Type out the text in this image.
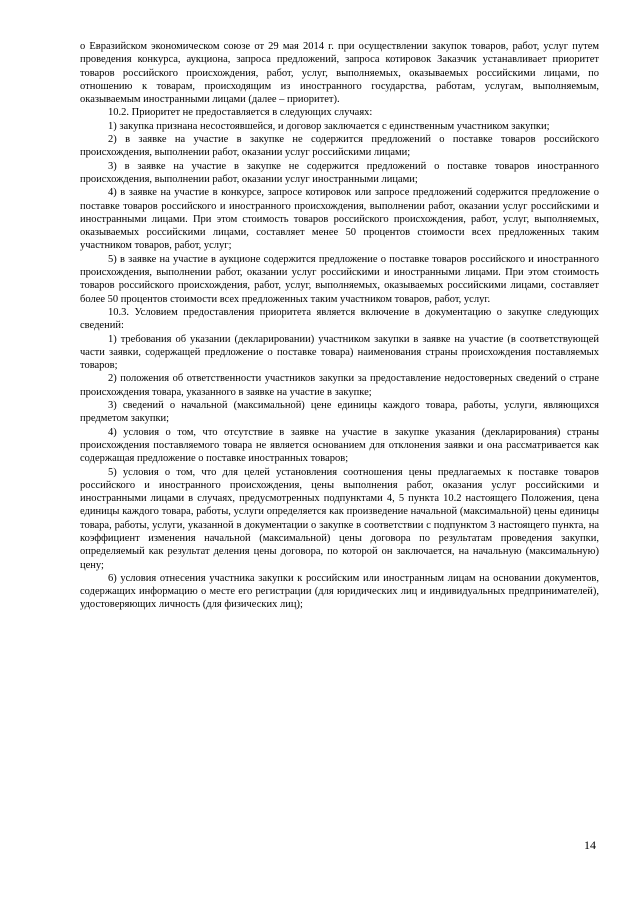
о Евразийском экономическом союзе от 29 мая 2014 г. при осуществлении закупок товаров, работ, услуг путем проведения конкурса, аукциона, запроса предложений, запроса котировок Заказчик устанавливает приоритет товаров российского происхождения, работ, услуг, выполняемых, оказываемых российскими лицами, по отношению к товарам, происходящим из иностранного государства, работам, услугам, выполняемым, оказываемым иностранными лицами (далее – приоритет).

10.2. Приоритет не предоставляется в следующих случаях:

1) закупка признана несостоявшейся, и договор заключается с единственным участником закупки;

2) в заявке на участие в закупке не содержится предложений о поставке товаров российского происхождения, выполнении работ, оказании услуг российскими лицами;

3) в заявке на участие в закупке не содержится предложений о поставке товаров иностранного происхождения, выполнении работ, оказании услуг иностранными лицами;

4) в заявке на участие в конкурсе, запросе котировок или запросе предложений содержится предложение о поставке товаров российского и иностранного происхождения, выполнении работ, оказании услуг российскими и иностранными лицами. При этом стоимость товаров российского происхождения, работ, услуг, выполняемых, оказываемых российскими лицами, составляет менее 50 процентов стоимости всех предложенных таким участником товаров, работ, услуг;

5) в заявке на участие в аукционе содержится предложение о поставке товаров российского и иностранного происхождения, выполнении работ, оказании услуг российскими и иностранными лицами. При этом стоимость товаров российского происхождения, работ, услуг, выполняемых, оказываемых российскими лицами, составляет более 50 процентов стоимости всех предложенных таким участником товаров, работ, услуг.

10.3. Условием предоставления приоритета является включение в документацию о закупке следующих сведений:

1) требования об указании (декларировании) участником закупки в заявке на участие (в соответствующей части заявки, содержащей предложение о поставке товара) наименования страны происхождения поставляемых товаров;

2) положения об ответственности участников закупки за предоставление недостоверных сведений о стране происхождения товара, указанного в заявке на участие в закупке;

3) сведений о начальной (максимальной) цене единицы каждого товара, работы, услуги, являющихся предметом закупки;

4) условия о том, что отсутствие в заявке на участие в закупке указания (декларирования) страны происхождения поставляемого товара не является основанием для отклонения заявки и она рассматривается как содержащая предложение о поставке иностранных товаров;

5) условия о том, что для целей установления соотношения цены предлагаемых к поставке товаров российского и иностранного происхождения, цены выполнения работ, оказания услуг российскими и иностранными лицами в случаях, предусмотренных подпунктами 4, 5 пункта 10.2 настоящего Положения, цена единицы каждого товара, работы, услуги определяется как произведение начальной (максимальной) цены единицы товара, работы, услуги, указанной в документации о закупке в соответствии с подпунктом 3 настоящего пункта, на коэффициент изменения начальной (максимальной) цены договора по результатам проведения закупки, определяемый как результат деления цены договора, по которой он заключается, на начальную (максимальную) цену;

6) условия отнесения участника закупки к российским или иностранным лицам на основании документов, содержащих информацию о месте его регистрации (для юридических лиц и индивидуальных предпринимателей), удостоверяющих личность (для физических лиц);

14
